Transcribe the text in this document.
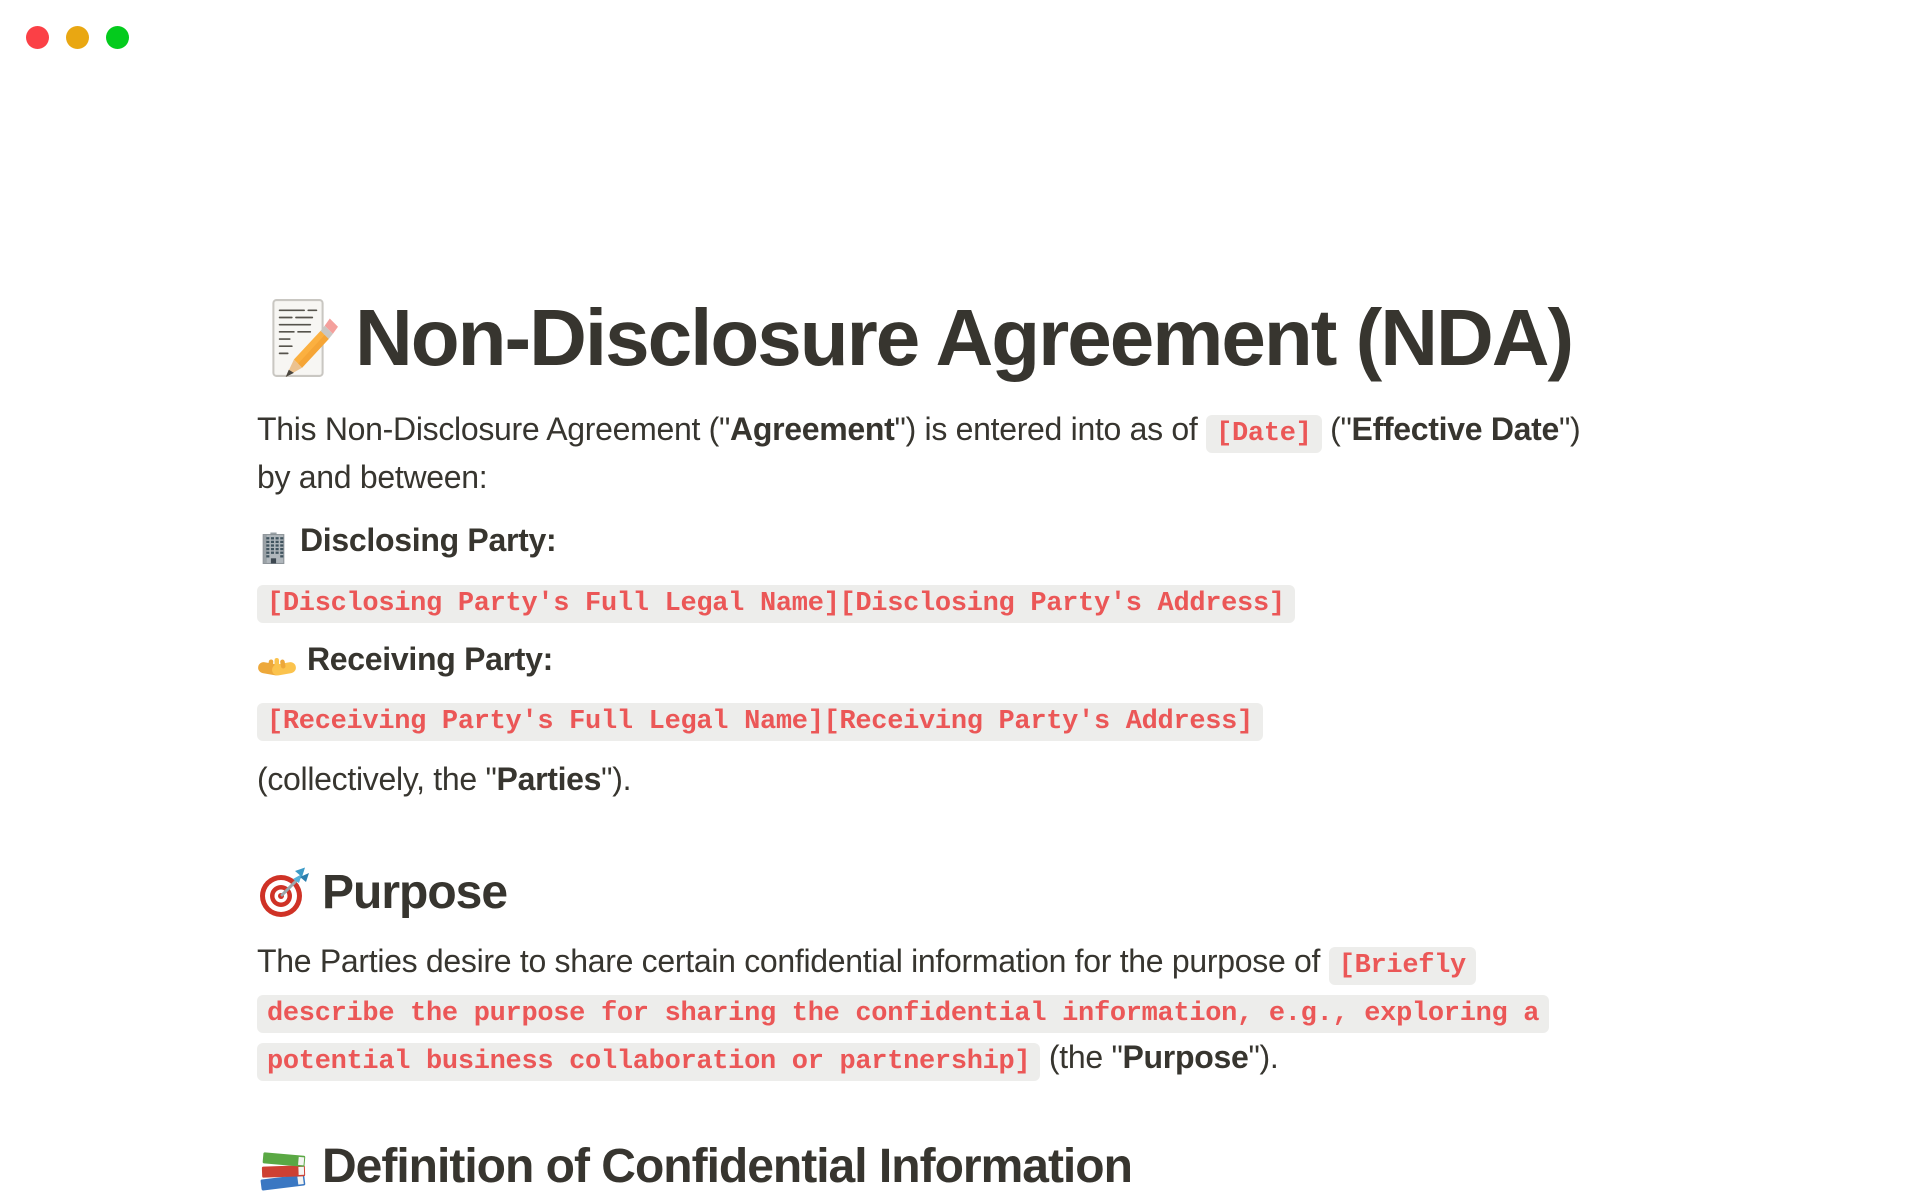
Non-Disclosure Agreement (NDA)
This Non-Disclosure Agreement ("Agreement") is entered into as of [Date] ("Effective Date")
by and between:
Disclosing Party:
[Disclosing Party's Full Legal Name][Disclosing Party's Address]
Receiving Party:
[Receiving Party's Full Legal Name][Receiving Party's Address]
(collectively, the "Parties").
Purpose
The Parties desire to share certain confidential information for the purpose of [Briefly
describe the purpose for sharing the confidential information, e.g., exploring a
potential business collaboration or partnership] (the "Purpose").
Definition of Confidential Information
